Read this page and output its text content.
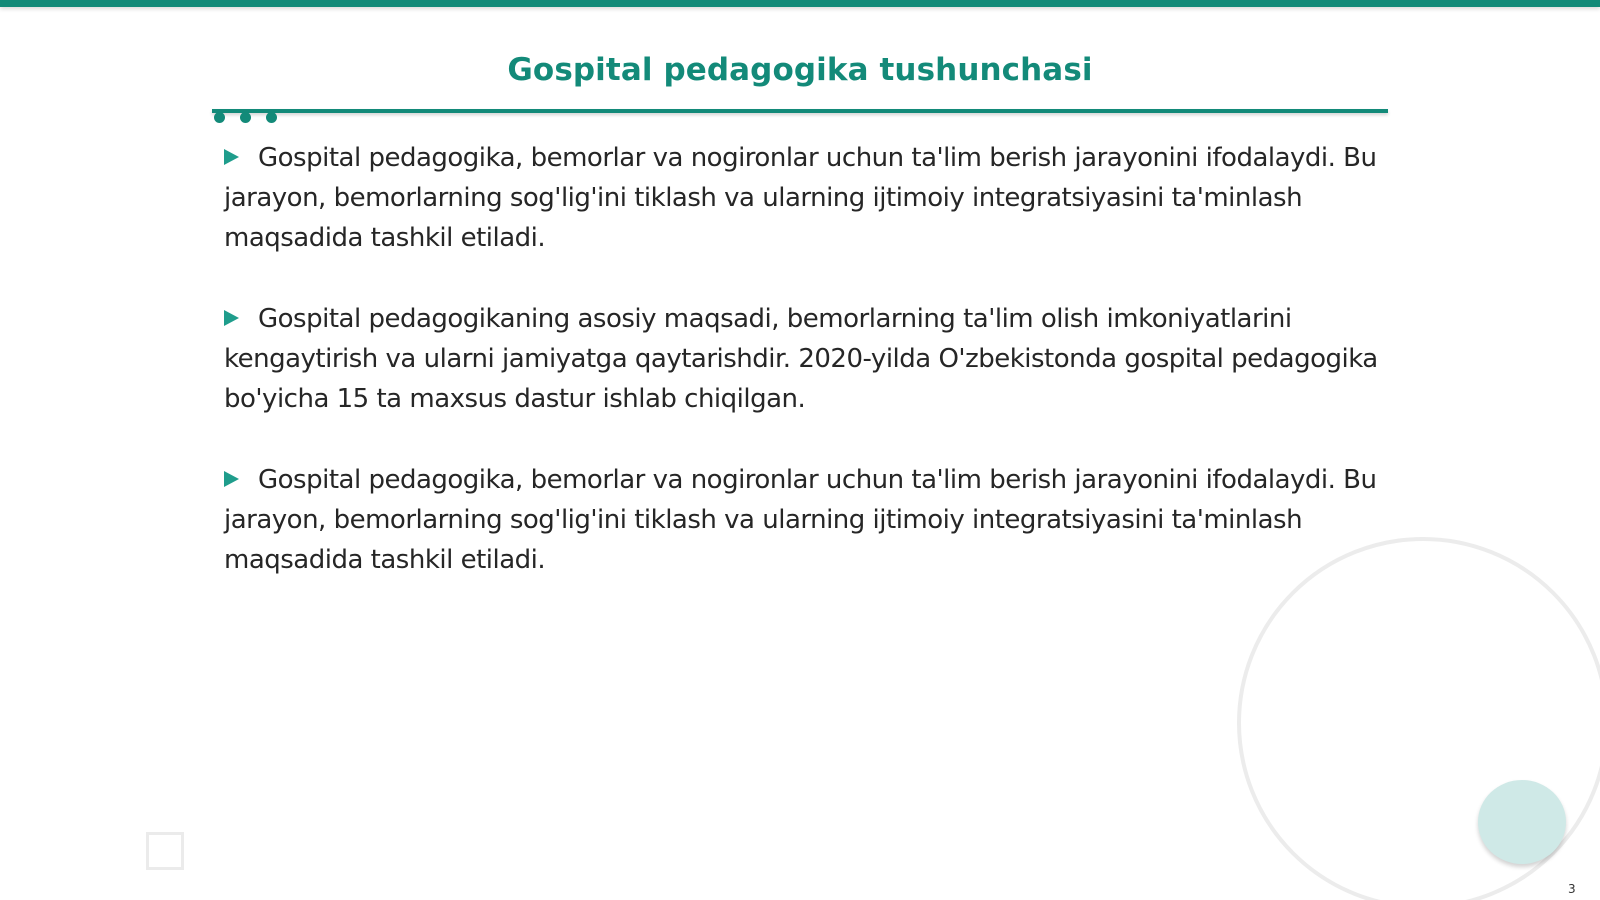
Gospital pedagogika tushunchasi

Gospital pedagogika, bemorlar va nogironlar uchun ta'lim berish jarayonini ifodalaydi. Bu jarayon, bemorlarning sog'lig'ini tiklash va ularning ijtimoiy integratsiyasini ta'minlash maqsadida tashkil etiladi.

Gospital pedagogikaning asosiy maqsadi, bemorlarning ta'lim olish imkoniyatlarini kengaytirish va ularni jamiyatga qaytarishdir. 2020-yilda O'zbekistonda gospital pedagogika bo'yicha 15 ta maxsus dastur ishlab chiqilgan.

Gospital pedagogika, bemorlar va nogironlar uchun ta'lim berish jarayonini ifodalaydi. Bu jarayon, bemorlarning sog'lig'ini tiklash va ularning ijtimoiy integratsiyasini ta'minlash maqsadida tashkil etiladi.

3
